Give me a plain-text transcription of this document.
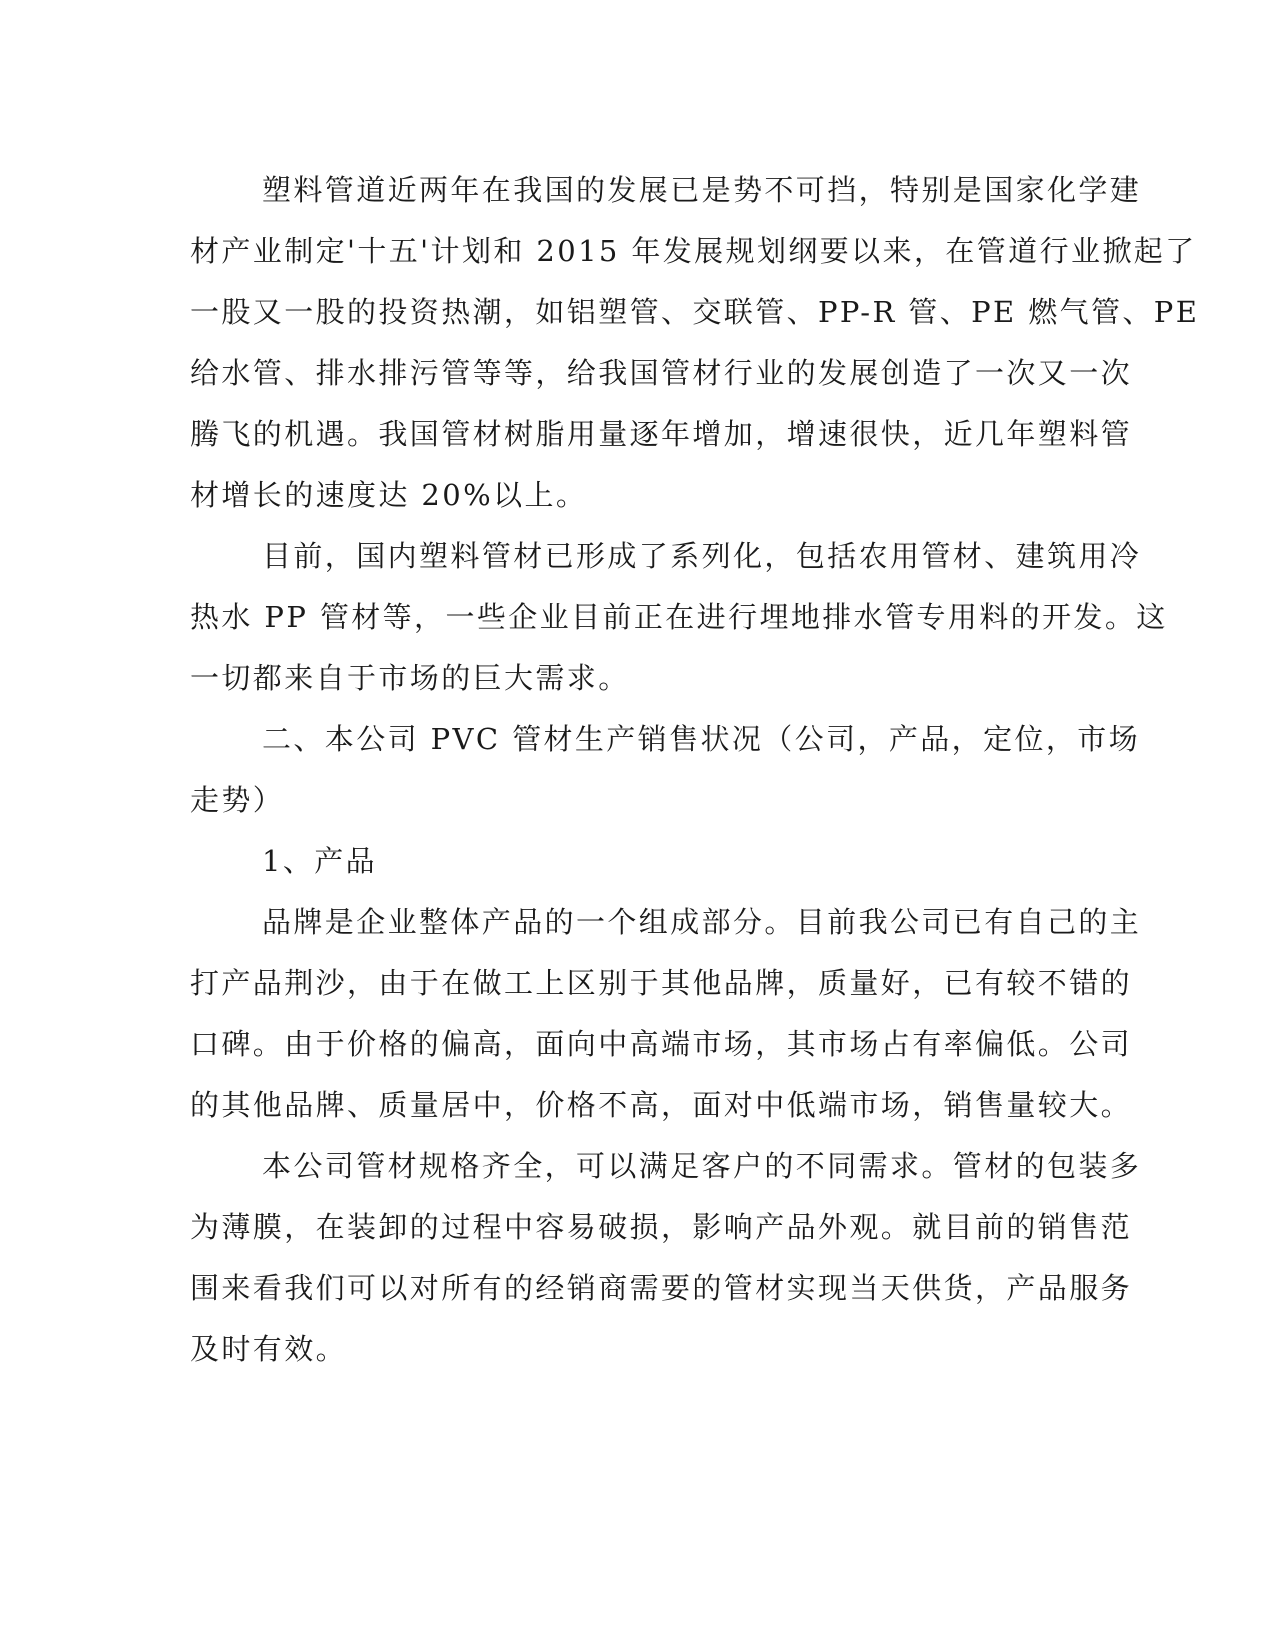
塑料管道近两年在我国的发展已是势不可挡，特别是国家化学建
材产业制定'十五'计划和 2015 年发展规划纲要以来，在管道行业掀起了
一股又一股的投资热潮，如铝塑管、交联管、PP-R 管、PE 燃气管、PE
给水管、排水排污管等等，给我国管材行业的发展创造了一次又一次
腾飞的机遇。我国管材树脂用量逐年增加，增速很快，近几年塑料管
材增长的速度达 20%以上。
目前，国内塑料管材已形成了系列化，包括农用管材、建筑用冷
热水 PP 管材等，一些企业目前正在进行埋地排水管专用料的开发。这
一切都来自于市场的巨大需求。
二、本公司 PVC 管材生产销售状况（公司，产品，定位，市场
走势）
1、产品
品牌是企业整体产品的一个组成部分。目前我公司已有自己的主
打产品荆沙，由于在做工上区别于其他品牌，质量好，已有较不错的
口碑。由于价格的偏高，面向中高端市场，其市场占有率偏低。公司
的其他品牌、质量居中，价格不高，面对中低端市场，销售量较大。
本公司管材规格齐全，可以满足客户的不同需求。管材的包装多
为薄膜，在装卸的过程中容易破损，影响产品外观。就目前的销售范
围来看我们可以对所有的经销商需要的管材实现当天供货，产品服务
及时有效。
